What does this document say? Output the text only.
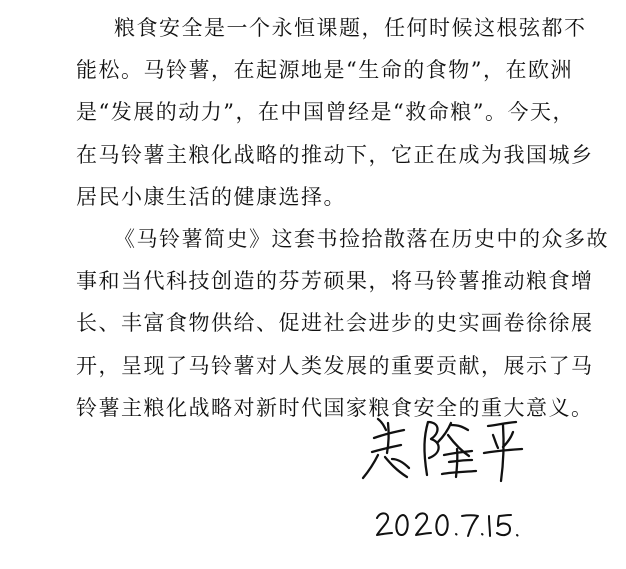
粮食安全是一个永恒课题，任何时候这根弦都不
能松。马铃薯，在起源地是“生命的食物”，在欧洲
是“发展的动力”，在中国曾经是“救命粮”。今天，
在马铃薯主粮化战略的推动下，它正在成为我国城乡
居民小康生活的健康选择。
《马铃薯简史》这套书捡拾散落在历史中的众多故
事和当代科技创造的芬芳硕果，将马铃薯推动粮食增
长、丰富食物供给、促进社会进步的史实画卷徐徐展
开，呈现了马铃薯对人类发展的重要贡献，展示了马
铃薯主粮化战略对新时代国家粮食安全的重大意义。
